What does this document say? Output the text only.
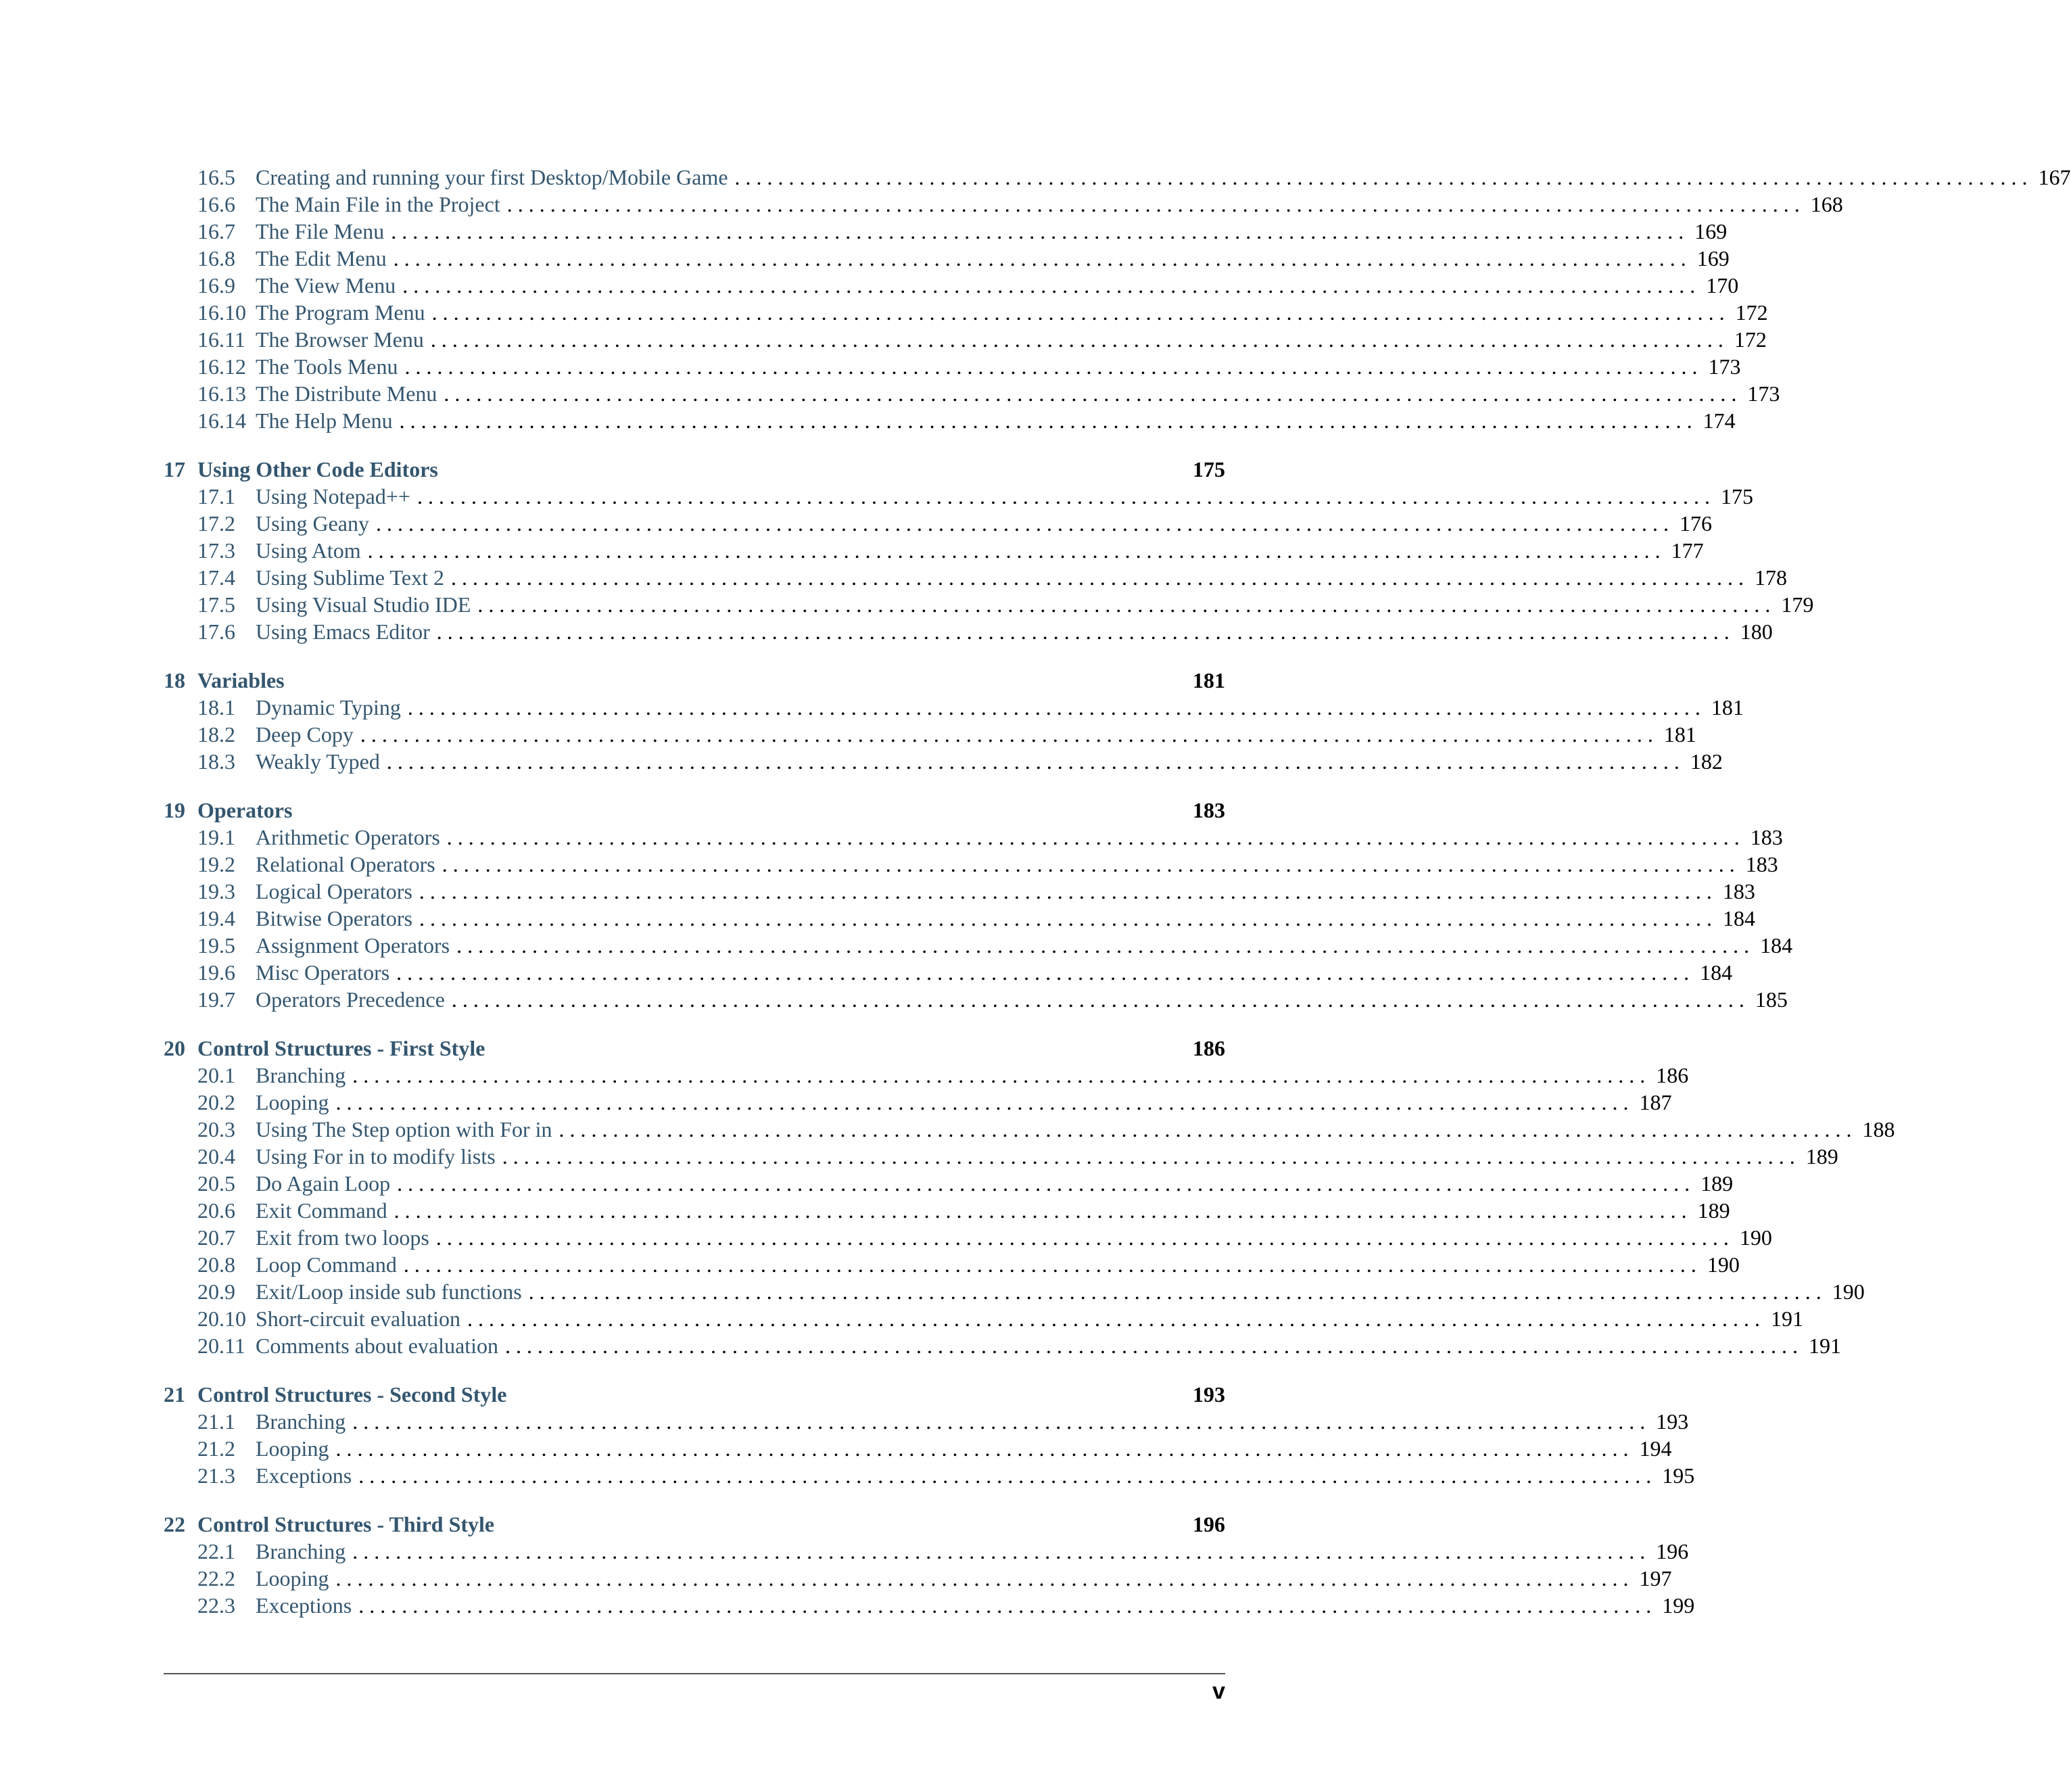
16.5 Creating and running your first Desktop/Mobile Game . . . . . . . . . . . . . . . . . . . . . . . . . . . . . . . . . . . . . . . . . . . . . . . . . . . . . . . . . . . . . . . . . . . . . . . . . . . . . . . . . . . . . . . . . . . . . . . . . . . . . . . . . . . . . . . . . . . . . . . . 167
16.6 The Main File in the Project . . . . . . . . . . . . . . . . . . . . . . . . . . . . . . . . . . . . . . . . . . . . . . . . . . . . . . . . . . . . . . . . . . . . . . . . . . . . . . . . . . . . . . . . . . . . . . . . . . . . . . . . . . . . . . . . . . . . . . . . 168
16.7 The File Menu . . . . . . . . . . . . . . . . . . . . . . . . . . . . . . . . . . . . . . . . . . . . . . . . . . . . . . . . . . . . . . . . . . . . . . . . . . . . . . . . . . . . . . . . . . . . . . . . . . . . . . . . . . . . . . . . . . . . . . . . 169
16.8 The Edit Menu . . . . . . . . . . . . . . . . . . . . . . . . . . . . . . . . . . . . . . . . . . . . . . . . . . . . . . . . . . . . . . . . . . . . . . . . . . . . . . . . . . . . . . . . . . . . . . . . . . . . . . . . . . . . . . . . . . . . . . . . 169
16.9 The View Menu . . . . . . . . . . . . . . . . . . . . . . . . . . . . . . . . . . . . . . . . . . . . . . . . . . . . . . . . . . . . . . . . . . . . . . . . . . . . . . . . . . . . . . . . . . . . . . . . . . . . . . . . . . . . . . . . . . . . . . . . 170
16.10 The Program Menu . . . . . . . . . . . . . . . . . . . . . . . . . . . . . . . . . . . . . . . . . . . . . . . . . . . . . . . . . . . . . . . . . . . . . . . . . . . . . . . . . . . . . . . . . . . . . . . . . . . . . . . . . . . . . . . . . . . . . . . . 172
16.11 The Browser Menu . . . . . . . . . . . . . . . . . . . . . . . . . . . . . . . . . . . . . . . . . . . . . . . . . . . . . . . . . . . . . . . . . . . . . . . . . . . . . . . . . . . . . . . . . . . . . . . . . . . . . . . . . . . . . . . . . . . . . . . . 172
16.12 The Tools Menu . . . . . . . . . . . . . . . . . . . . . . . . . . . . . . . . . . . . . . . . . . . . . . . . . . . . . . . . . . . . . . . . . . . . . . . . . . . . . . . . . . . . . . . . . . . . . . . . . . . . . . . . . . . . . . . . . . . . . . . . 173
16.13 The Distribute Menu . . . . . . . . . . . . . . . . . . . . . . . . . . . . . . . . . . . . . . . . . . . . . . . . . . . . . . . . . . . . . . . . . . . . . . . . . . . . . . . . . . . . . . . . . . . . . . . . . . . . . . . . . . . . . . . . . . . . . . . . 173
16.14 The Help Menu . . . . . . . . . . . . . . . . . . . . . . . . . . . . . . . . . . . . . . . . . . . . . . . . . . . . . . . . . . . . . . . . . . . . . . . . . . . . . . . . . . . . . . . . . . . . . . . . . . . . . . . . . . . . . . . . . . . . . . . . 174
17 Using Other Code Editors	175
17.1 Using Notepad++ . . . . . . . . . . . . . . . . . . . . . . . . . . . . . . . . . . . . . . . . . . . . . . . . . . . . . . . . . . . . . . . . . . . . . . . . . . . . . . . . . . . . . . . . . . . . . . . . . . . . . . . . . . . . . . . . . . . . . . . . 175
17.2 Using Geany . . . . . . . . . . . . . . . . . . . . . . . . . . . . . . . . . . . . . . . . . . . . . . . . . . . . . . . . . . . . . . . . . . . . . . . . . . . . . . . . . . . . . . . . . . . . . . . . . . . . . . . . . . . . . . . . . . . . . . . . 176
17.3 Using Atom . . . . . . . . . . . . . . . . . . . . . . . . . . . . . . . . . . . . . . . . . . . . . . . . . . . . . . . . . . . . . . . . . . . . . . . . . . . . . . . . . . . . . . . . . . . . . . . . . . . . . . . . . . . . . . . . . . . . . . . . 177
17.4 Using Sublime Text 2 . . . . . . . . . . . . . . . . . . . . . . . . . . . . . . . . . . . . . . . . . . . . . . . . . . . . . . . . . . . . . . . . . . . . . . . . . . . . . . . . . . . . . . . . . . . . . . . . . . . . . . . . . . . . . . . . . . . . . . . . 178
17.5 Using Visual Studio IDE . . . . . . . . . . . . . . . . . . . . . . . . . . . . . . . . . . . . . . . . . . . . . . . . . . . . . . . . . . . . . . . . . . . . . . . . . . . . . . . . . . . . . . . . . . . . . . . . . . . . . . . . . . . . . . . . . . . . . . . . 179
17.6 Using Emacs Editor . . . . . . . . . . . . . . . . . . . . . . . . . . . . . . . . . . . . . . . . . . . . . . . . . . . . . . . . . . . . . . . . . . . . . . . . . . . . . . . . . . . . . . . . . . . . . . . . . . . . . . . . . . . . . . . . . . . . . . . . 180
18 Variables	181
18.1 Dynamic Typing . . . . . . . . . . . . . . . . . . . . . . . . . . . . . . . . . . . . . . . . . . . . . . . . . . . . . . . . . . . . . . . . . . . . . . . . . . . . . . . . . . . . . . . . . . . . . . . . . . . . . . . . . . . . . . . . . . . . . . . . 181
18.2 Deep Copy . . . . . . . . . . . . . . . . . . . . . . . . . . . . . . . . . . . . . . . . . . . . . . . . . . . . . . . . . . . . . . . . . . . . . . . . . . . . . . . . . . . . . . . . . . . . . . . . . . . . . . . . . . . . . . . . . . . . . . . . 181
18.3 Weakly Typed . . . . . . . . . . . . . . . . . . . . . . . . . . . . . . . . . . . . . . . . . . . . . . . . . . . . . . . . . . . . . . . . . . . . . . . . . . . . . . . . . . . . . . . . . . . . . . . . . . . . . . . . . . . . . . . . . . . . . . . . 182
19 Operators	183
19.1 Arithmetic Operators . . . . . . . . . . . . . . . . . . . . . . . . . . . . . . . . . . . . . . . . . . . . . . . . . . . . . . . . . . . . . . . . . . . . . . . . . . . . . . . . . . . . . . . . . . . . . . . . . . . . . . . . . . . . . . . . . . . . . . . . 183
19.2 Relational Operators . . . . . . . . . . . . . . . . . . . . . . . . . . . . . . . . . . . . . . . . . . . . . . . . . . . . . . . . . . . . . . . . . . . . . . . . . . . . . . . . . . . . . . . . . . . . . . . . . . . . . . . . . . . . . . . . . . . . . . . . 183
19.3 Logical Operators . . . . . . . . . . . . . . . . . . . . . . . . . . . . . . . . . . . . . . . . . . . . . . . . . . . . . . . . . . . . . . . . . . . . . . . . . . . . . . . . . . . . . . . . . . . . . . . . . . . . . . . . . . . . . . . . . . . . . . . . 183
19.4 Bitwise Operators . . . . . . . . . . . . . . . . . . . . . . . . . . . . . . . . . . . . . . . . . . . . . . . . . . . . . . . . . . . . . . . . . . . . . . . . . . . . . . . . . . . . . . . . . . . . . . . . . . . . . . . . . . . . . . . . . . . . . . . . 184
19.5 Assignment Operators . . . . . . . . . . . . . . . . . . . . . . . . . . . . . . . . . . . . . . . . . . . . . . . . . . . . . . . . . . . . . . . . . . . . . . . . . . . . . . . . . . . . . . . . . . . . . . . . . . . . . . . . . . . . . . . . . . . . . . . . 184
19.6 Misc Operators . . . . . . . . . . . . . . . . . . . . . . . . . . . . . . . . . . . . . . . . . . . . . . . . . . . . . . . . . . . . . . . . . . . . . . . . . . . . . . . . . . . . . . . . . . . . . . . . . . . . . . . . . . . . . . . . . . . . . . . . 184
19.7 Operators Precedence . . . . . . . . . . . . . . . . . . . . . . . . . . . . . . . . . . . . . . . . . . . . . . . . . . . . . . . . . . . . . . . . . . . . . . . . . . . . . . . . . . . . . . . . . . . . . . . . . . . . . . . . . . . . . . . . . . . . . . . . 185
20 Control Structures - First Style	186
20.1 Branching . . . . . . . . . . . . . . . . . . . . . . . . . . . . . . . . . . . . . . . . . . . . . . . . . . . . . . . . . . . . . . . . . . . . . . . . . . . . . . . . . . . . . . . . . . . . . . . . . . . . . . . . . . . . . . . . . . . . . . . . 186
20.2 Looping . . . . . . . . . . . . . . . . . . . . . . . . . . . . . . . . . . . . . . . . . . . . . . . . . . . . . . . . . . . . . . . . . . . . . . . . . . . . . . . . . . . . . . . . . . . . . . . . . . . . . . . . . . . . . . . . . . . . . . . . 187
20.3 Using The Step option with For in . . . . . . . . . . . . . . . . . . . . . . . . . . . . . . . . . . . . . . . . . . . . . . . . . . . . . . . . . . . . . . . . . . . . . . . . . . . . . . . . . . . . . . . . . . . . . . . . . . . . . . . . . . . . . . . . . . . . . . . . 188
20.4 Using For in to modify lists . . . . . . . . . . . . . . . . . . . . . . . . . . . . . . . . . . . . . . . . . . . . . . . . . . . . . . . . . . . . . . . . . . . . . . . . . . . . . . . . . . . . . . . . . . . . . . . . . . . . . . . . . . . . . . . . . . . . . . . . 189
20.5 Do Again Loop . . . . . . . . . . . . . . . . . . . . . . . . . . . . . . . . . . . . . . . . . . . . . . . . . . . . . . . . . . . . . . . . . . . . . . . . . . . . . . . . . . . . . . . . . . . . . . . . . . . . . . . . . . . . . . . . . . . . . . . . 189
20.6 Exit Command . . . . . . . . . . . . . . . . . . . . . . . . . . . . . . . . . . . . . . . . . . . . . . . . . . . . . . . . . . . . . . . . . . . . . . . . . . . . . . . . . . . . . . . . . . . . . . . . . . . . . . . . . . . . . . . . . . . . . . . . 189
20.7 Exit from two loops . . . . . . . . . . . . . . . . . . . . . . . . . . . . . . . . . . . . . . . . . . . . . . . . . . . . . . . . . . . . . . . . . . . . . . . . . . . . . . . . . . . . . . . . . . . . . . . . . . . . . . . . . . . . . . . . . . . . . . . . 190
20.8 Loop Command . . . . . . . . . . . . . . . . . . . . . . . . . . . . . . . . . . . . . . . . . . . . . . . . . . . . . . . . . . . . . . . . . . . . . . . . . . . . . . . . . . . . . . . . . . . . . . . . . . . . . . . . . . . . . . . . . . . . . . . . 190
20.9 Exit/Loop inside sub functions . . . . . . . . . . . . . . . . . . . . . . . . . . . . . . . . . . . . . . . . . . . . . . . . . . . . . . . . . . . . . . . . . . . . . . . . . . . . . . . . . . . . . . . . . . . . . . . . . . . . . . . . . . . . . . . . . . . . . . . . 190
20.10 Short-circuit evaluation . . . . . . . . . . . . . . . . . . . . . . . . . . . . . . . . . . . . . . . . . . . . . . . . . . . . . . . . . . . . . . . . . . . . . . . . . . . . . . . . . . . . . . . . . . . . . . . . . . . . . . . . . . . . . . . . . . . . . . . . 191
20.11 Comments about evaluation . . . . . . . . . . . . . . . . . . . . . . . . . . . . . . . . . . . . . . . . . . . . . . . . . . . . . . . . . . . . . . . . . . . . . . . . . . . . . . . . . . . . . . . . . . . . . . . . . . . . . . . . . . . . . . . . . . . . . . . . 191
21 Control Structures - Second Style	193
21.1 Branching . . . . . . . . . . . . . . . . . . . . . . . . . . . . . . . . . . . . . . . . . . . . . . . . . . . . . . . . . . . . . . . . . . . . . . . . . . . . . . . . . . . . . . . . . . . . . . . . . . . . . . . . . . . . . . . . . . . . . . . . 193
21.2 Looping . . . . . . . . . . . . . . . . . . . . . . . . . . . . . . . . . . . . . . . . . . . . . . . . . . . . . . . . . . . . . . . . . . . . . . . . . . . . . . . . . . . . . . . . . . . . . . . . . . . . . . . . . . . . . . . . . . . . . . . . 194
21.3 Exceptions . . . . . . . . . . . . . . . . . . . . . . . . . . . . . . . . . . . . . . . . . . . . . . . . . . . . . . . . . . . . . . . . . . . . . . . . . . . . . . . . . . . . . . . . . . . . . . . . . . . . . . . . . . . . . . . . . . . . . . . . 195
22 Control Structures - Third Style	196
22.1 Branching . . . . . . . . . . . . . . . . . . . . . . . . . . . . . . . . . . . . . . . . . . . . . . . . . . . . . . . . . . . . . . . . . . . . . . . . . . . . . . . . . . . . . . . . . . . . . . . . . . . . . . . . . . . . . . . . . . . . . . . . 196
22.2 Looping . . . . . . . . . . . . . . . . . . . . . . . . . . . . . . . . . . . . . . . . . . . . . . . . . . . . . . . . . . . . . . . . . . . . . . . . . . . . . . . . . . . . . . . . . . . . . . . . . . . . . . . . . . . . . . . . . . . . . . . . 197
22.3 Exceptions . . . . . . . . . . . . . . . . . . . . . . . . . . . . . . . . . . . . . . . . . . . . . . . . . . . . . . . . . . . . . . . . . . . . . . . . . . . . . . . . . . . . . . . . . . . . . . . . . . . . . . . . . . . . . . . . . . . . . . . . 199
v
